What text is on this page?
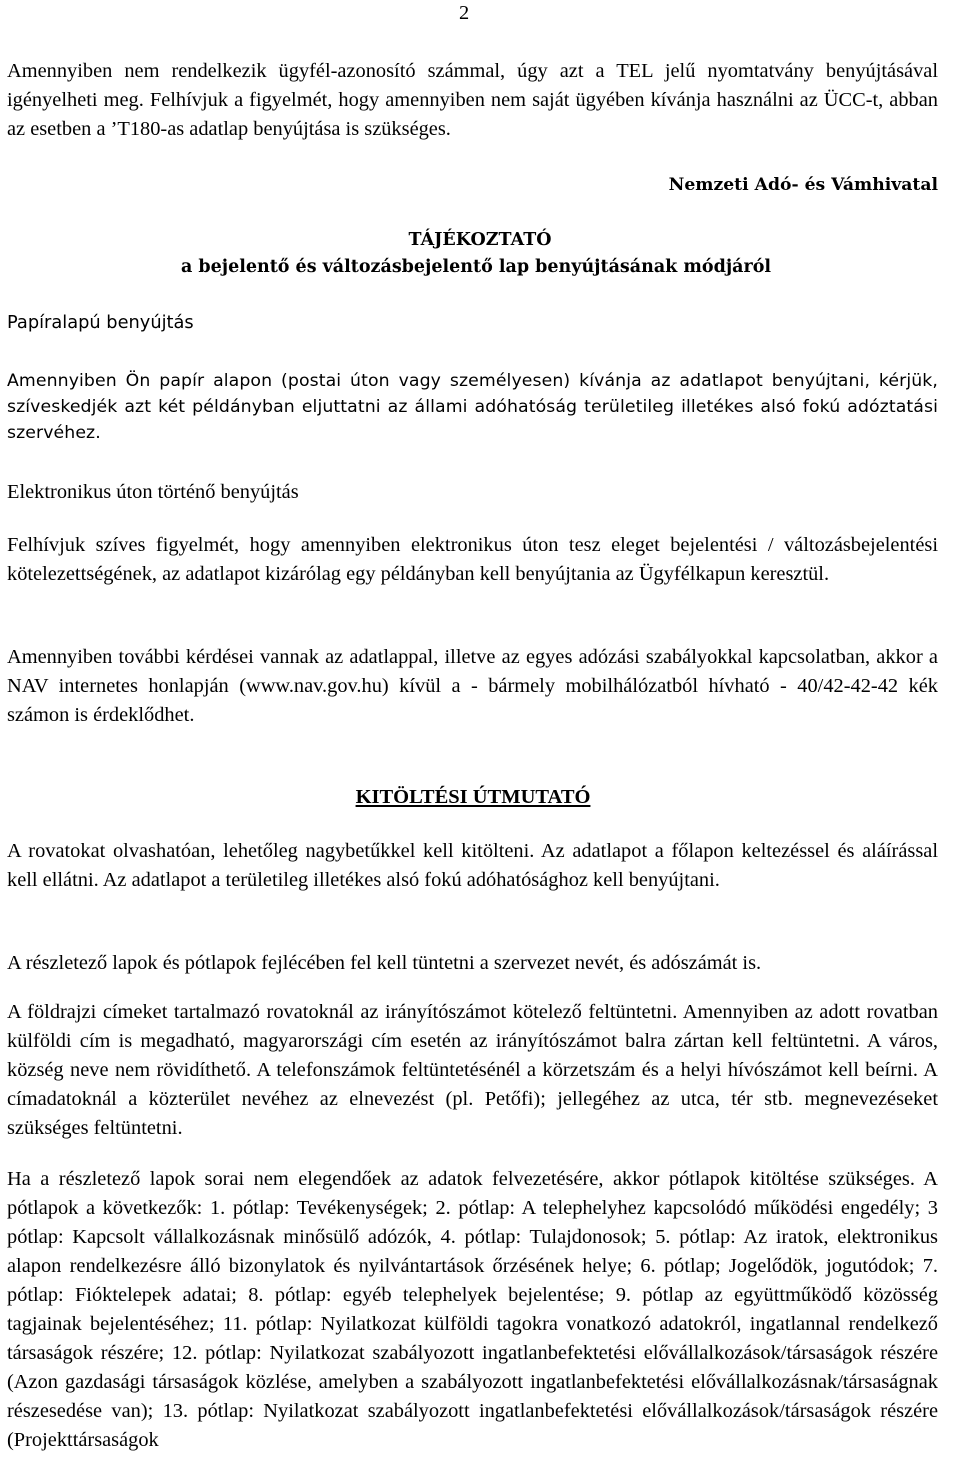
2

Amennyiben nem rendelkezik ügyfél-azonosító számmal, úgy azt a TEL jelű nyomtatvány benyújtásával igényelheti meg. Felhívjuk a figyelmét, hogy amennyiben nem saját ügyében kívánja használni az ÜCC-t, abban az esetben a ’T180-as adatlap benyújtása is szükséges.

Nemzeti Adó- és Vámhivatal

TÁJÉKOZTATÓ

a bejelentő és változásbejelentő lap benyújtásának módjáról

Papíralapú benyújtás

Amennyiben Ön papír alapon (postai úton vagy személyesen) kívánja az adatlapot benyújtani, kérjük, szíveskedjék azt két példányban eljuttatni az állami adóhatóság területileg illetékes alsó fokú adóztatási szervéhez.

Elektronikus úton történő benyújtás

Felhívjuk szíves figyelmét, hogy amennyiben elektronikus úton tesz eleget bejelentési / változásbejelentési kötelezettségének, az adatlapot kizárólag egy példányban kell benyújtania az Ügyfélkapun keresztül.

Amennyiben további kérdései vannak az adatlappal, illetve az egyes adózási szabályokkal kapcsolatban, akkor a NAV internetes honlapján (www.nav.gov.hu) kívül a - bármely mobilhálózatból hívható - 40/42-42-42 kék számon is érdeklődhet.

KITÖLTÉSI ÚTMUTATÓ

A rovatokat olvashatóan, lehetőleg nagybetűkkel kell kitölteni. Az adatlapot a főlapon keltezéssel és aláírással kell ellátni. Az adatlapot a területileg illetékes alsó fokú adóhatósághoz kell benyújtani.

A részletező lapok és pótlapok fejlécében fel kell tüntetni a szervezet nevét, és adószámát is.

A földrajzi címeket tartalmazó rovatoknál az irányítószámot kötelező feltüntetni. Amennyiben az adott rovatban külföldi cím is megadható, magyarországi cím esetén az irányítószámot balra zártan kell feltüntetni. A város, község neve nem rövidíthető. A telefonszámok feltüntetésénél a körzetszám és a helyi hívószámot kell beírni. A címadatoknál a közterület nevéhez az elnevezést (pl. Petőfi); jellegéhez az utca, tér stb. megnevezéseket szükséges feltüntetni.

Ha a részletező lapok sorai nem elegendőek az adatok felvezetésére, akkor pótlapok kitöltése szükséges. A pótlapok a következők: 1. pótlap: Tevékenységek; 2. pótlap: A telephelyhez kapcsolódó működési engedély; 3 pótlap: Kapcsolt vállalkozásnak minősülő adózók, 4. pótlap: Tulajdonosok; 5. pótlap: Az iratok, elektronikus alapon rendelkezésre álló bizonylatok és nyilvántartások őrzésének helye; 6. pótlap; Jogelődök, jogutódok; 7. pótlap: Fióktelepek adatai; 8. pótlap: egyéb telephelyek bejelentése; 9. pótlap az együttműködő közösség tagjainak bejelentéséhez; 11. pótlap: Nyilatkozat külföldi tagokra vonatkozó adatokról, ingatlannal rendelkező társaságok részére; 12. pótlap: Nyilatkozat szabályozott ingatlanbefektetési elővállalkozások/társaságok részére (Azon gazdasági társaságok közlése, amelyben a szabályozott ingatlanbefektetési elővállalkozásnak/társaságnak részesedése van); 13. pótlap: Nyilatkozat szabályozott ingatlanbefektetési elővállalkozások/társaságok részére (Projekttársaságok
